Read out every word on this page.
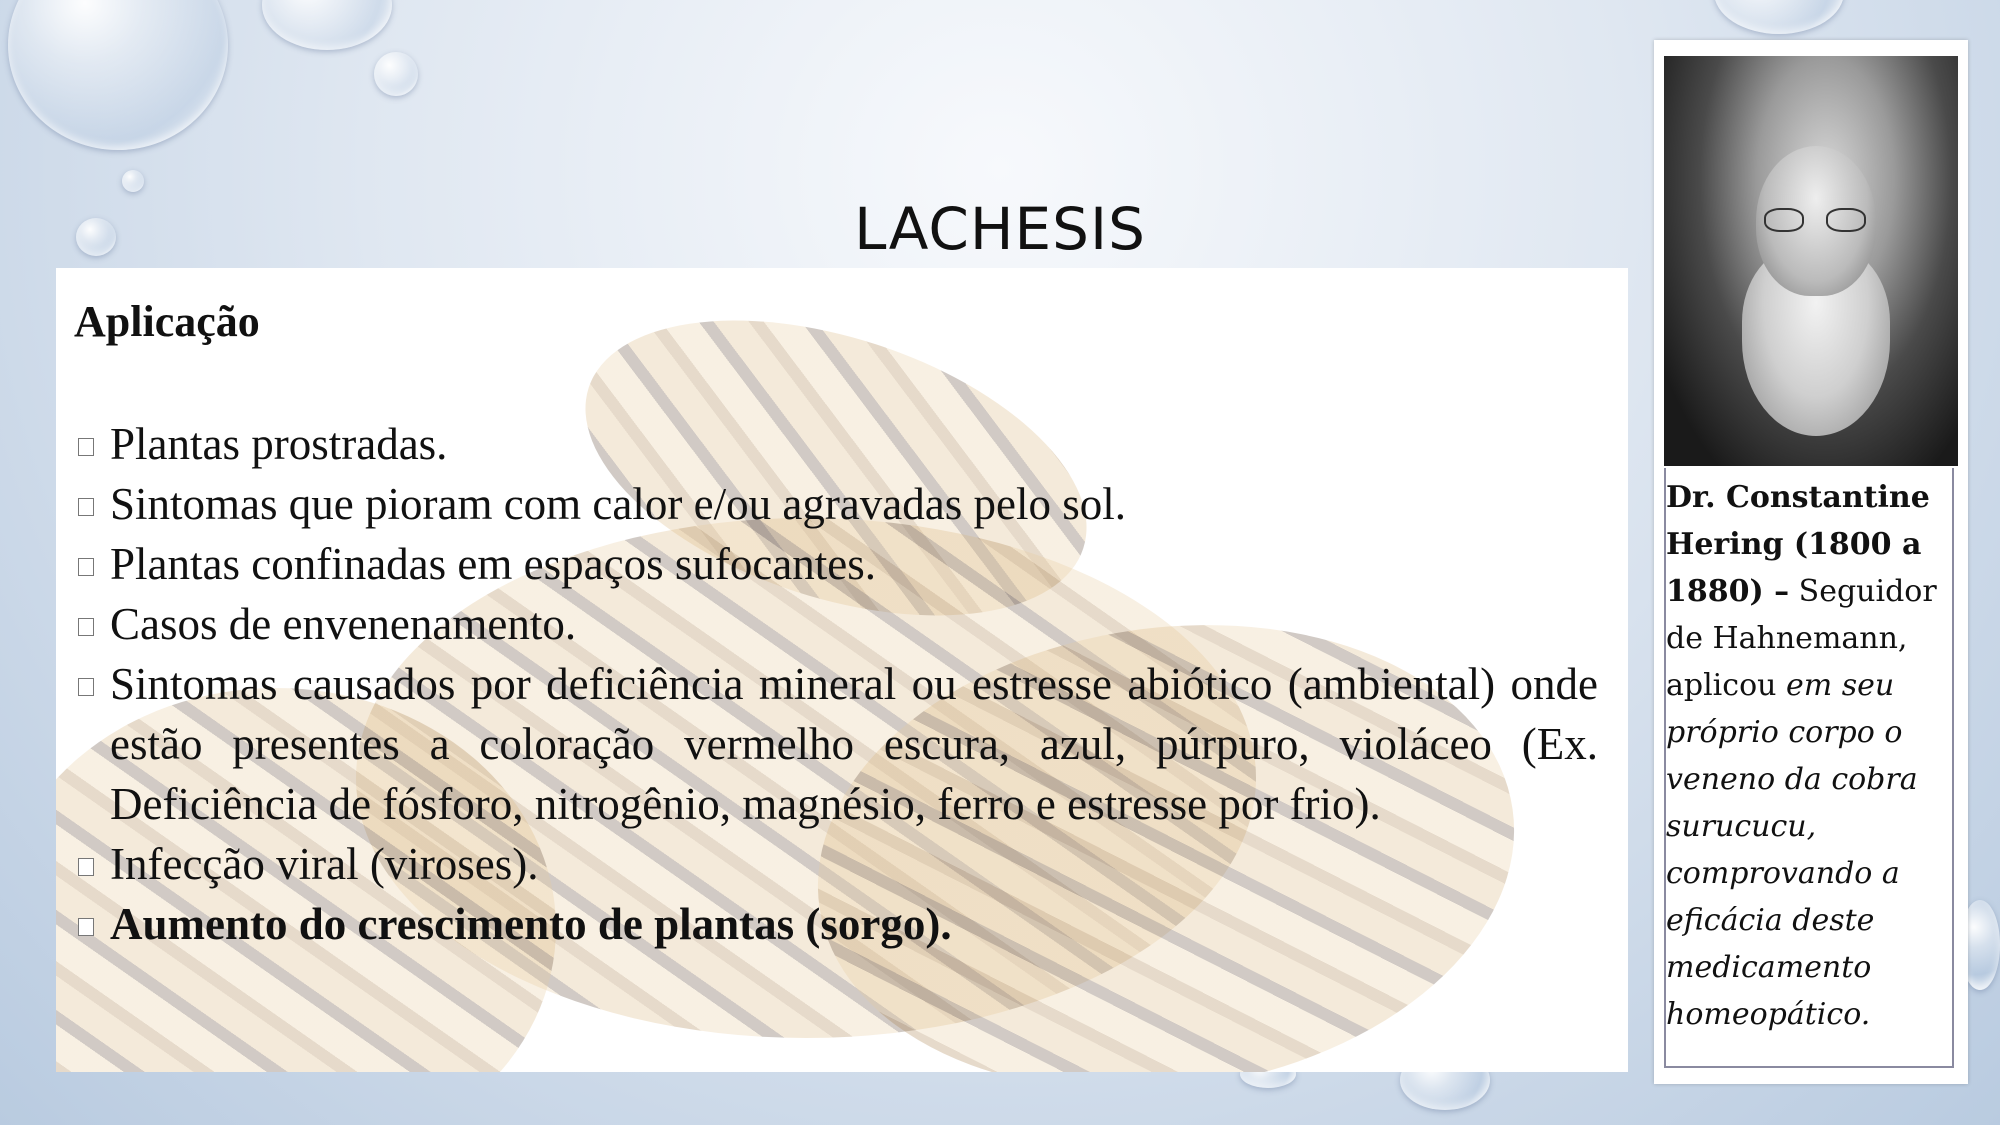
LACHESIS
Aplicação
Plantas prostradas.
Sintomas que pioram com calor e/ou agravadas pelo sol.
Plantas confinadas em espaços sufocantes.
Casos de envenenamento.
Sintomas causados por deficiência mineral ou estresse abiótico (ambiental) onde estão presentes a coloração vermelho escura, azul, púrpuro, violáceo (Ex. Deficiência de fósforo, nitrogênio, magnésio, ferro e estresse por frio).
Infecção viral (viroses).
Aumento do crescimento de plantas (sorgo).
Dr. Constantine Hering (1800 a 1880) – Seguidor de Hahnemann, aplicou em seu próprio corpo o veneno da cobra surucucu, comprovando a eficácia deste medicamento homeopático.
